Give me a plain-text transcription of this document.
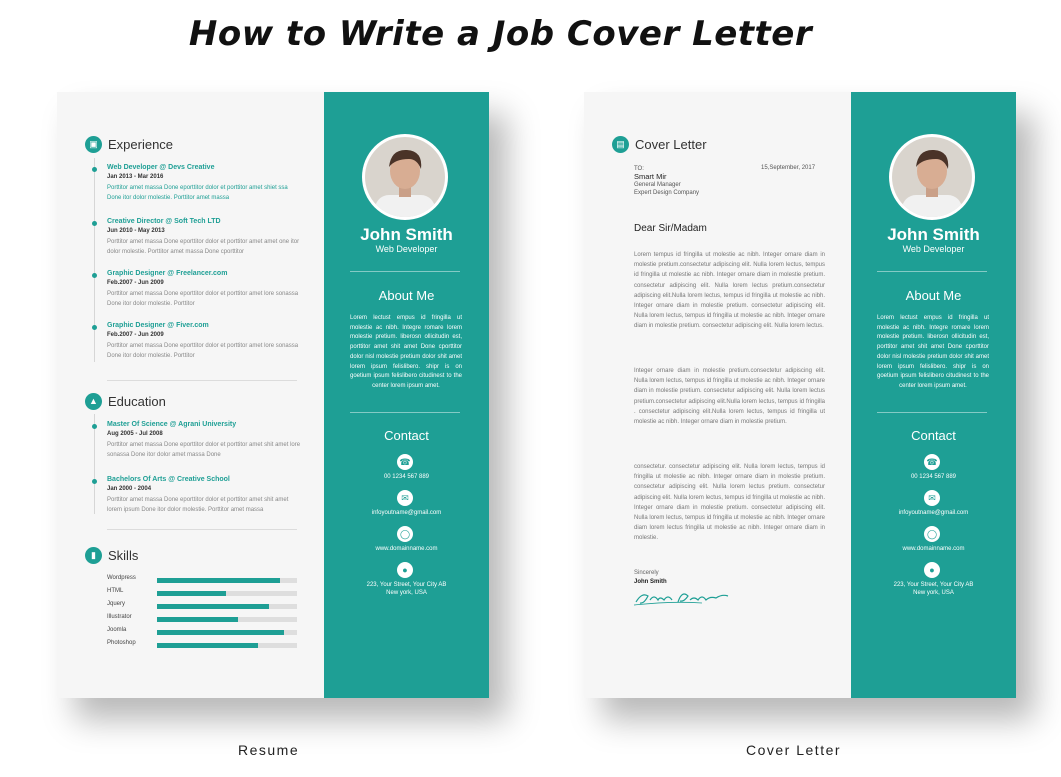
How to Write a Job Cover Letter
▣ Experience
Web Developer @ Devs Creative
Jan 2013 - Mar 2016
Porttitor amet massa Done eporttitor dolor et porttitor amet shiet ssa Done itor dolor molestie. Porttitor amet massa
Creative Director @ Soft Tech LTD
Jun 2010 - May 2013
Porttitor amet massa Done eporttitor dolor et porttitor amet amet one itor dolor molestie. Porttitor amet massa Done cporttitor
Graphic Designer @ Freelancer.com
Feb.2007 - Jun 2009
Porttitor amet massa Done eporttitor dolor et porttitor amet lore sonassa Done itor dolor molestie. Porttitor
Graphic Designer @ Fiver.com
Feb.2007 - Jun 2009
Porttitor amet massa Done eporttitor dolor et porttitor amet lore sonassa Done itor dolor molestie. Porttitor
▲ Education
Master Of Science @ Agrani University
Aug 2005 - Jul 2008
Porttitor amet massa Done eporttitor dolor et porttitor amet shit amet lore sonassa Done itor dolor amet massa Done
Bachelors Of Arts @ Creative School
Jan 2000 - 2004
Porttitor amet massa Done eporttitor dolor et porttitor amet shit amet lorem ipsum Done itor dolor molestie. Porttitor amet massa
▮ Skills
Wordpress
HTML
Jquery
Illustrator
Joomla
Photoshop
John Smith
Web Developer
About Me
Lorem lectust empus id fringilla ut molestie ac nibh. Integre romare lorem molestie pretium. liberosn ollicitudin est, porttitor amet shit amet Done cporttitor dolor nisl molestie pretium dolor shit amet lorem ipsum felislibero. shipr is on goetium ipsum felislibero citudinest to the center lorem ipsum amet.
Contact
☎
00 1234 567 889
✉
infoyoutname@gmail.com
◯
www.domainname.com
●
223, Your Street, Your City AB
New york, USA
▤ Cover Letter
TO:
Smart Mir
General Manager
Expert Design Company
15,September, 2017
Dear Sir/Madam
Lorem tempus id fringilla ut molestie ac nibh. Integer ornare diam in molestie pretium.consectetur adipiscing elit. Nulla lorem lectus, tempus id fringilla ut molestie ac nibh. Integer ornare diam in molestie pretium. consectetur adipiscing elit. Nulla lorem lectus pretium.consectetur adipiscing elit.Nulla lorem lectus, tempus id fringilla ut molestie ac nibh. Integer ornare diam in molestie pretium. consectetur adipiscing elit. Nulla lorem lectus, tempus id fringilla ut molestie ac nibh. Integer ornare diam in molestie pretium. consectetur adipiscing elit. Nulla lorem lectus.
Integer ornare diam in molestie pretium.consectetur adipiscing elit. Nulla lorem lectus, tempus id fringilla ut molestie ac nibh. Integer ornare diam in molestie pretium. consectetur adipiscing elit. Nulla lorem lectus pretium.consectetur adipiscing elit.Nulla lorem lectus, tempus id fringilla . consectetur adipiscing elit.Nulla lorem lectus, tempus id fringilla ut molestie ac nibh. Integer ornare diam in molestie pretium.
consectetur. consectetur adipiscing elit. Nulla lorem lectus, tempus id fringilla ut molestie ac nibh. Integer ornare diam in molestie pretium. consectetur adipiscing elit. Nulla lorem lectus pretium. consectetur adipiscing elit. Nulla lorem lectus, tempus id fringilla ut molestie ac nibh. Integer ornare diam in molestie pretium. consectetur adipiscing elit. Nulla lorem lectus, tempus id fringilla ut molestie ac nibh. Integer ornare diam lorem lectus fringilla ut molestie ac nibh. Integer ornare diam in molestie.
Sincerely
John Smith
John Smith
Web Developer
About Me
Lorem lectust empus id fringilla ut molestie ac nibh. Integre romare lorem molestie pretium. liberosn ollicitudin est, porttitor amet shit amet Done cporttitor dolor nisl molestie pretium dolor shit amet lorem ipsum felislibero. shipr is on goetium ipsum felislibero citudinest to the center lorem ipsum amet.
Contact
☎
00 1234 567 889
✉
infoyoutname@gmail.com
◯
www.domainname.com
●
223, Your Street, Your City AB
New york, USA
Resume	Cover Letter
